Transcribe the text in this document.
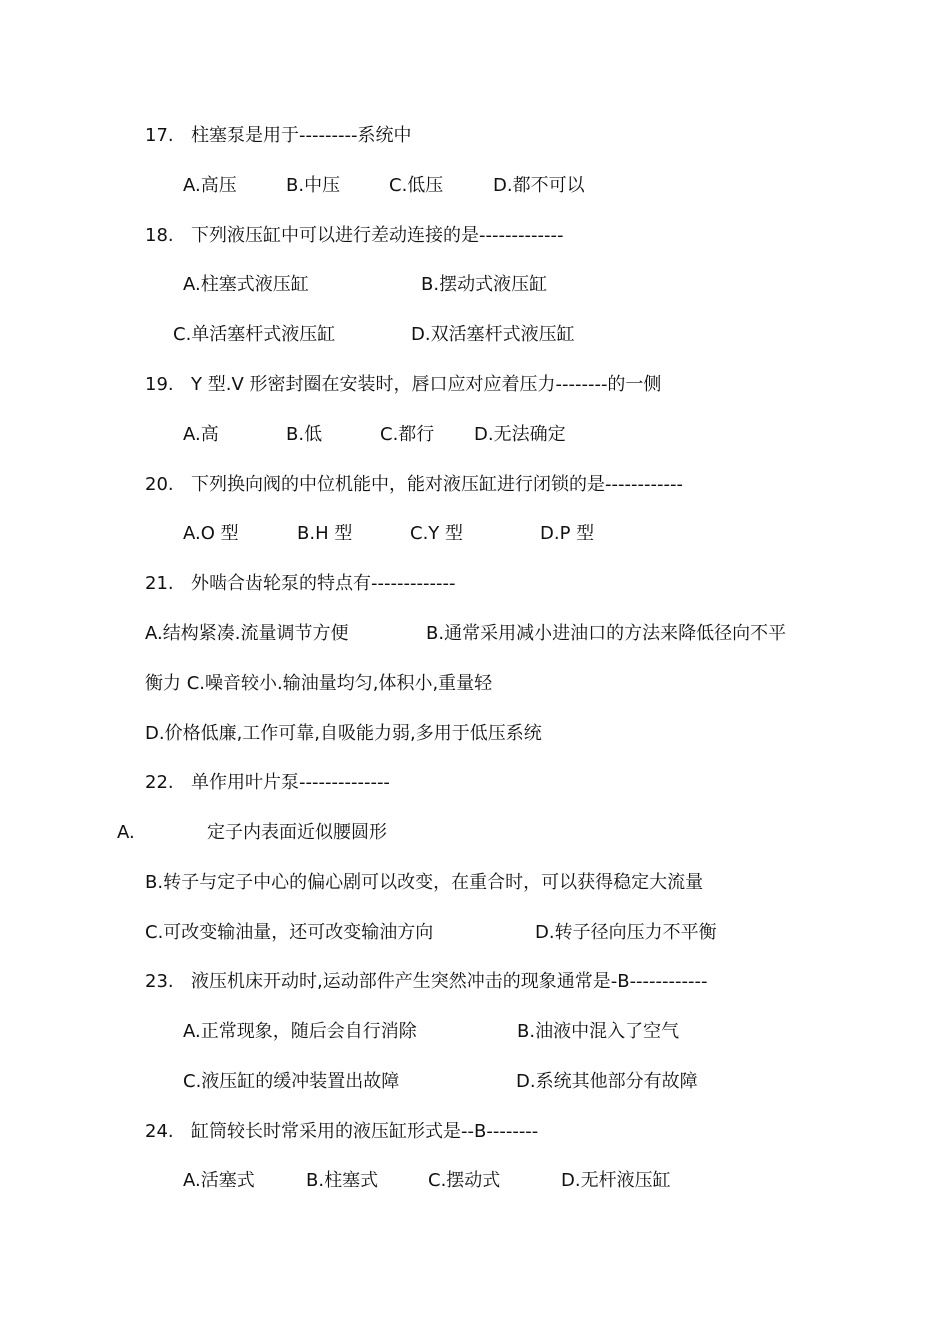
17. 柱塞泵是用于---------系统中
A.高压	B.中压	C.低压	D.都不可以
18. 下列液压缸中可以进行差动连接的是-------------
A.柱塞式液压缸	B.摆动式液压缸
C.单活塞杆式液压缸	D.双活塞杆式液压缸
19. Y 型.V 形密封圈在安装时，唇口应对应着压力--------的一侧
A.高	B.低	C.都行 D.无法确定
20. 下列换向阀的中位机能中，能对液压缸进行闭锁的是------------
A.O 型	B.H 型	C.Y 型	D.P 型
21. 外啮合齿轮泵的特点有-------------
A.结构紧凑.流量调节方便	B.通常采用减小进油口的方法来降低径向不平
衡力 C.噪音较小.输油量均匀,体积小,重量轻
D.价格低廉,工作可靠,自吸能力弱,多用于低压系统
22. 单作用叶片泵--------------
A.	定子内表面近似腰圆形
B.转子与定子中心的偏心剧可以改变，在重合时，可以获得稳定大流量
C.可改变输油量，还可改变输油方向	D.转子径向压力不平衡
23. 液压机床开动时,运动部件产生突然冲击的现象通常是-B------------
A.正常现象，随后会自行消除	B.油液中混入了空气
C.液压缸的缓冲装置出故障	D.系统其他部分有故障
24. 缸筒较长时常采用的液压缸形式是--B--------
A.活塞式	B.柱塞式	C.摆动式	D.无杆液压缸
